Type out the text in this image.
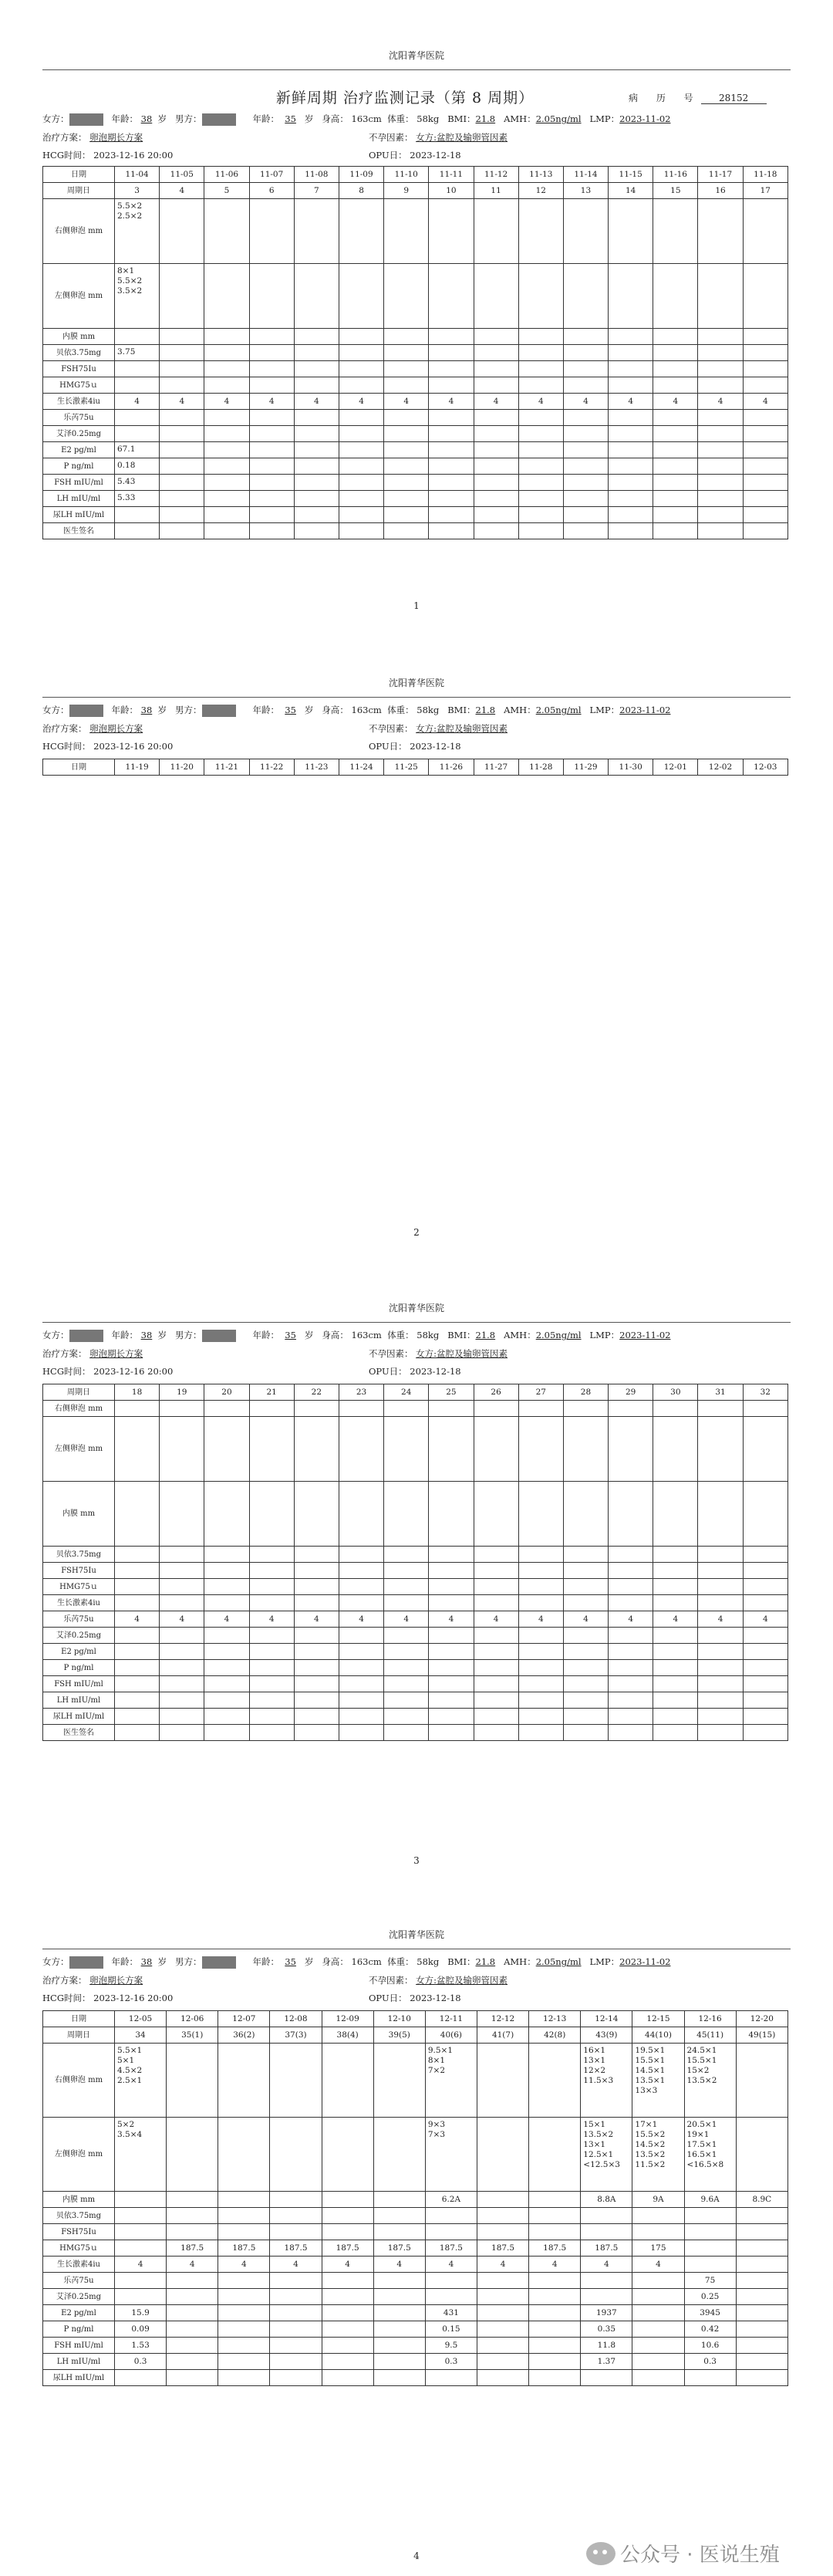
沈阳菁华医院
新鲜周期 治疗监测记录（第 8 周期）	病 历 号 28152
女方：	年龄： 38 岁 男方：	年龄： 35 岁 身高： 163cm 体重： 58kg BMI：21.8 AMH：2.05ng/ml LMP：2023-11-02
治疗方案： 卵泡期长方案	不孕因素： 女方:盆腔及输卵管因素
HCG时间： 2023-12-16 20:00	OPU日： 2023-12-18
日期	11-04	11-05	11-06	11-07	11-08	11-09	11-10	11-11	11-12	11-13	11-14	11-15	11-16	11-17	11-18
周期日	3	4	5	6	7	8	9	10	11	12	13	14	15	16	17
右侧卵泡 mm	5.5×2
2.5×2														
左侧卵泡 mm	8×1
5.5×2
3.5×2														
内膜 mm															
贝依3.75mg	3.75														
FSH75Iu															
HMG75ｕ															
生长激素4iu	4	4	4	4	4	4	4	4	4	4	4	4	4	4	4
乐芮75u															
艾泽0.25mg															
E2 pg/ml	67.1														
P ng/ml	0.18														
FSH mIU/ml	5.43														
LH mIU/ml	5.33														
尿LH mIU/ml															
医生签名															
1
沈阳菁华医院
女方：	年龄： 38 岁 男方：	年龄： 35 岁 身高： 163cm 体重： 58kg BMI：21.8 AMH：2.05ng/ml LMP：2023-11-02
治疗方案： 卵泡期长方案	不孕因素： 女方:盆腔及输卵管因素
HCG时间： 2023-12-16 20:00	OPU日： 2023-12-18
日期	11-19	11-20	11-21	11-22	11-23	11-24	11-25	11-26	11-27	11-28	11-29	11-30	12-01	12-02	12-03
2
沈阳菁华医院
女方：	年龄： 38 岁 男方：	年龄： 35 岁 身高： 163cm 体重： 58kg BMI：21.8 AMH：2.05ng/ml LMP：2023-11-02
治疗方案： 卵泡期长方案	不孕因素： 女方:盆腔及输卵管因素
HCG时间： 2023-12-16 20:00	OPU日： 2023-12-18
周期日	18	19	20	21	22	23	24	25	26	27	28	29	30	31	32
右侧卵泡 mm															
左侧卵泡 mm															
内膜 mm															
贝依3.75mg															
FSH75Iu															
HMG75ｕ															
生长激素4iu															
乐芮75u	4	4	4	4	4	4	4	4	4	4	4	4	4	4	4
艾泽0.25mg															
E2 pg/ml															
P ng/ml															
FSH mIU/ml															
LH mIU/ml															
尿LH mIU/ml															
医生签名															
3
沈阳菁华医院
女方：	年龄： 38 岁 男方：	年龄： 35 岁 身高： 163cm 体重： 58kg BMI：21.8 AMH：2.05ng/ml LMP：2023-11-02
治疗方案： 卵泡期长方案	不孕因素： 女方:盆腔及输卵管因素
HCG时间： 2023-12-16 20:00	OPU日： 2023-12-18
日期	12-05	12-06	12-07	12-08	12-09	12-10	12-11	12-12	12-13	12-14	12-15	12-16	12-20
周期日	34	35(1)	36(2)	37(3)	38(4)	39(5)	40(6)	41(7)	42(8)	43(9)	44(10)	45(11)	49(15)
右侧卵泡 mm	5.5×1
5×1
4.5×2
2.5×1						9.5×1
8×1
7×2			16×1
13×1
12×2
11.5×3	19.5×1
15.5×1
14.5×1
13.5×1
13×3	24.5×1
15.5×1
15×2
13.5×2	
左侧卵泡 mm	5×2
3.5×4						9×3
7×3			15×1
13.5×2
13×1
12.5×1
<12.5×3	17×1
15.5×2
14.5×2
13.5×2
11.5×2	20.5×1
19×1
17.5×1
16.5×1
<16.5×8	
内膜 mm							6.2A			8.8A	9A	9.6A	8.9C
贝依3.75mg													
FSH75Iu													
HMG75ｕ		187.5	187.5	187.5	187.5	187.5	187.5	187.5	187.5	187.5	175		
生长激素4iu	4	4	4	4	4	4	4	4	4	4	4		
乐芮75u												75	
艾泽0.25mg												0.25	
E2 pg/ml	15.9						431			1937		3945	
P ng/ml	0.09						0.15			0.35		0.42	
FSH mIU/ml	1.53						9.5			11.8		10.6	
LH mIU/ml	0.3						0.3			1.37		0.3	
尿LH mIU/ml													
4	公众号 · 医说生殖
